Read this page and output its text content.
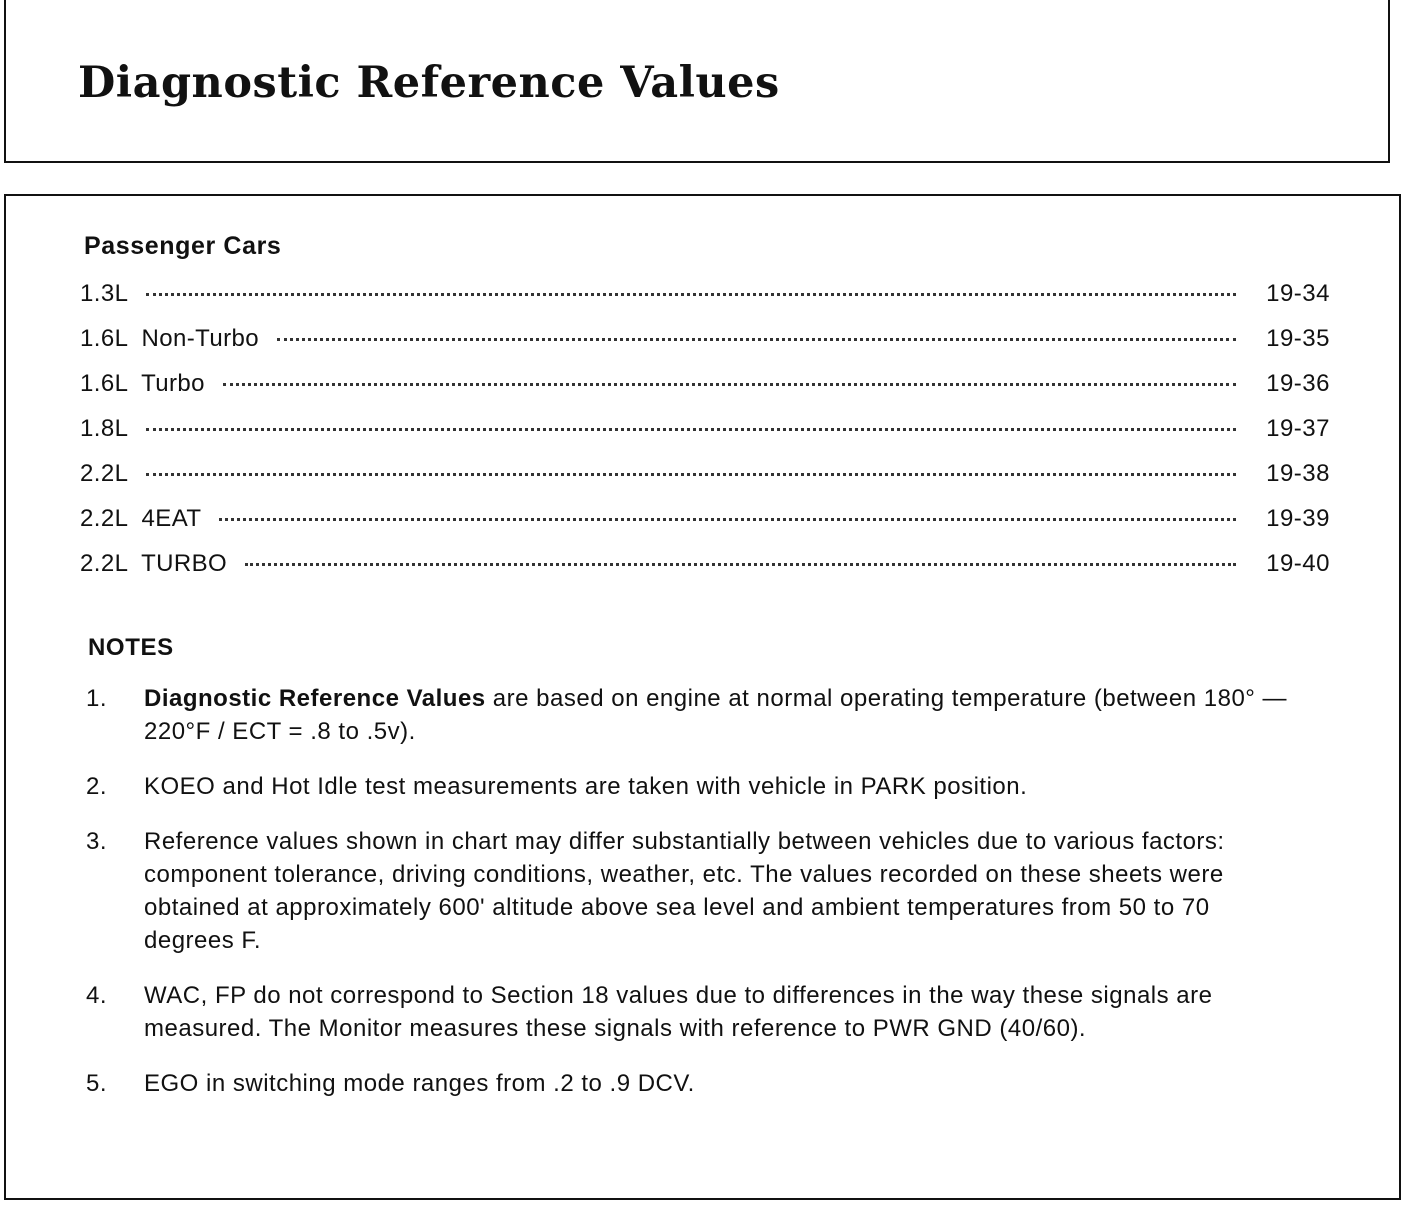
Diagnostic Reference Values
Passenger Cars
1.3L	19-34
1.6L  Non-Turbo	19-35
1.6L  Turbo	19-36
1.8L	19-37
2.2L	19-38
2.2L  4EAT	19-39
2.2L  TURBO	19-40
NOTES
1.	Diagnostic Reference Values are based on engine at normal operating temperature (between 180° — 220°F / ECT = .8 to .5v).
2.	KOEO and Hot Idle test measurements are taken with vehicle in PARK position.
3.	Reference values shown in chart may differ substantially between vehicles due to various factors: component tolerance, driving conditions, weather, etc. The values recorded on these sheets were obtained at approximately 600' altitude above sea level and ambient temperatures from 50 to 70 degrees F.
4.	WAC, FP do not correspond to Section 18 values due to differences in the way these signals are measured. The Monitor measures these signals with reference to PWR GND (40/60).
5.	EGO in switching mode ranges from .2 to .9 DCV.
